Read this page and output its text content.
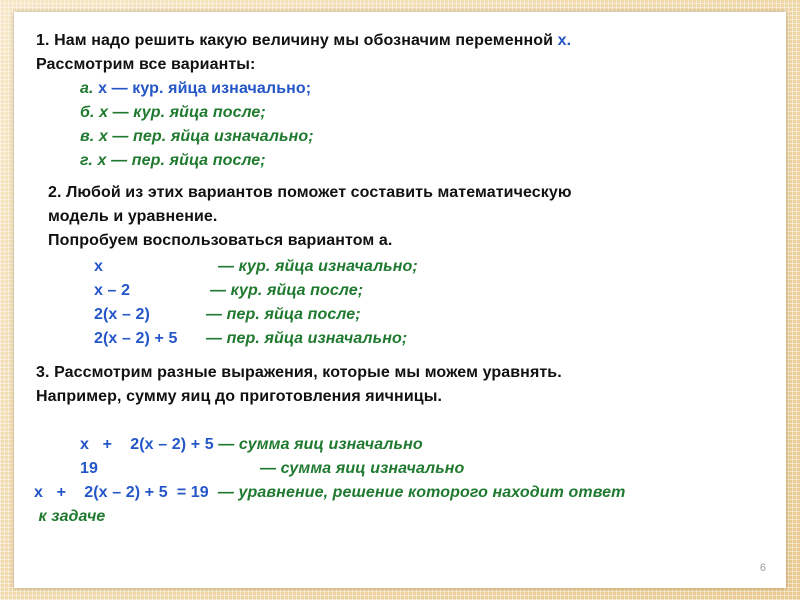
1. Нам надо решить какую величину мы обозначим переменной x.
Рассмотрим все варианты:
а. x — кур. яйца изначально;
б. x — кур. яйца после;
в. x — пер. яйца изначально;
г. x — пер. яйца после;
2. Любой из этих вариантов поможет составить математическую
модель и уравнение.
Попробуем воспользоваться вариантом а.
x	— кур. яйца изначально;
x – 2	— кур. яйца после;
2(x – 2)	— пер. яйца после;
2(x – 2) + 5 — пер. яйца изначально;
3. Рассмотрим разные выражения, которые мы можем уравнять.
Например, сумму яиц до приготовления яичницы.
x   +    2(x – 2) + 5 — сумма яиц изначально
19	— сумма яиц изначально
x   +    2(x – 2) + 5  = 19  — уравнение, решение которого находит ответ
к задаче
6
